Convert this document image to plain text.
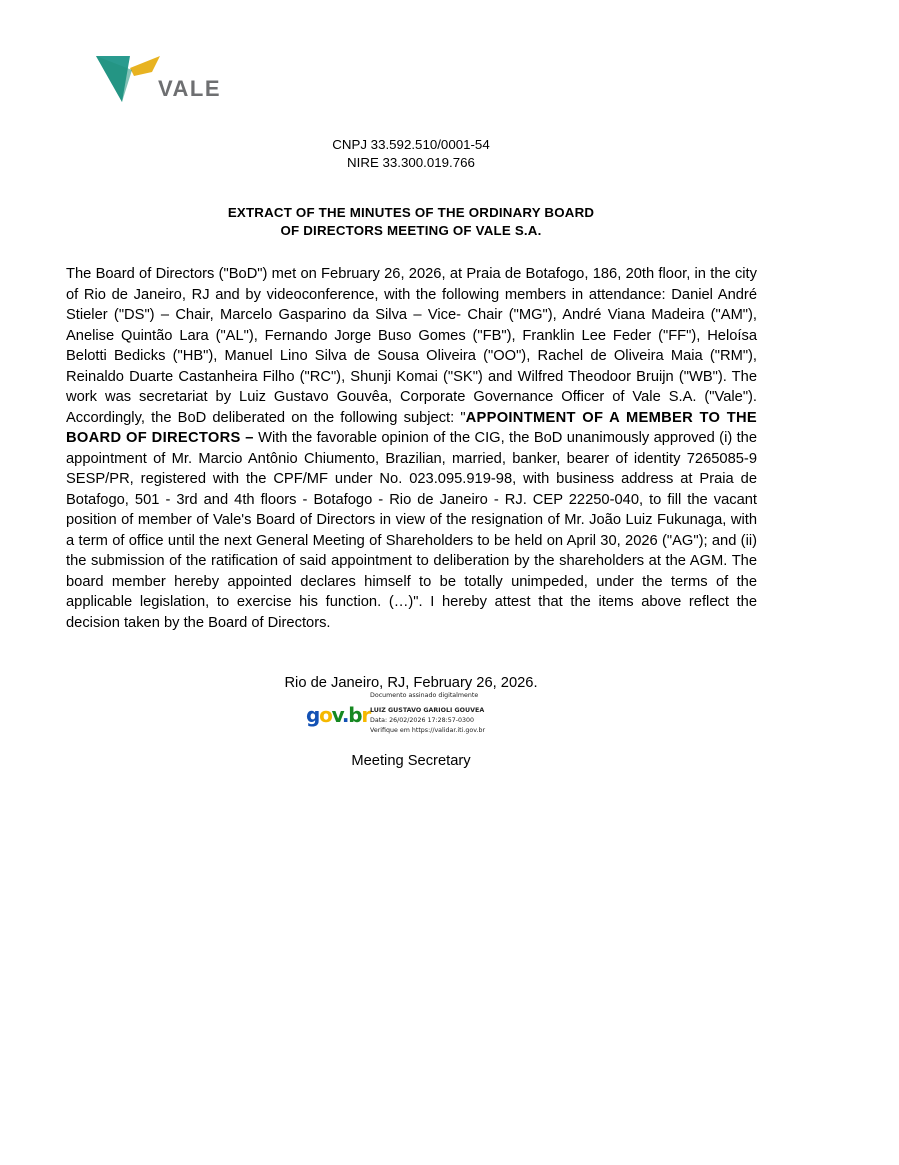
VALE
CNPJ 33.592.510/0001-54
NIRE 33.300.019.766
EXTRACT OF THE MINUTES OF THE ORDINARY BOARD
OF DIRECTORS MEETING OF VALE S.A.
The Board of Directors ("BoD") met on February 26, 2026, at Praia de Botafogo, 186, 20th floor, in the city of Rio de Janeiro, RJ and by videoconference, with the following members in attendance: Daniel André Stieler ("DS") – Chair, Marcelo Gasparino da Silva – Vice- Chair ("MG"), André Viana Madeira ("AM"), Anelise Quintão Lara ("AL"), Fernando Jorge Buso Gomes ("FB"), Franklin Lee Feder ("FF"), Heloísa Belotti Bedicks ("HB"), Manuel Lino Silva de Sousa Oliveira ("OO"), Rachel de Oliveira Maia ("RM"), Reinaldo Duarte Castanheira Filho ("RC"), Shunji Komai ("SK") and Wilfred Theodoor Bruijn ("WB"). The work was secretariat by Luiz Gustavo Gouvêa, Corporate Governance Officer of Vale S.A. ("Vale"). Accordingly, the BoD deliberated on the following subject: "APPOINTMENT OF A MEMBER TO THE BOARD OF DIRECTORS – With the favorable opinion of the CIG, the BoD unanimously approved (i) the appointment of Mr. Marcio Antônio Chiumento, Brazilian, married, banker, bearer of identity 7265085-9 SESP/PR, registered with the CPF/MF under No. 023.095.919-98, with business address at Praia de Botafogo, 501 - 3rd and 4th floors - Botafogo - Rio de Janeiro - RJ. CEP 22250-040, to fill the vacant position of member of Vale's Board of Directors in view of the resignation of Mr. João Luiz Fukunaga, with a term of office until the next General Meeting of Shareholders to be held on April 30, 2026 ("AG"); and (ii) the submission of the ratification of said appointment to deliberation by the shareholders at the AGM. The board member hereby appointed declares himself to be totally unimpeded, under the terms of the applicable legislation, to exercise his function. (…)". I hereby attest that the items above reflect the decision taken by the Board of Directors.
Rio de Janeiro, RJ, February 26, 2026.
gov.br
Documento assinado digitalmente
LUIZ GUSTAVO GARIOLI GOUVEA
Data: 26/02/2026 17:28:57-0300
Verifique em https://validar.iti.gov.br
Meeting Secretary
